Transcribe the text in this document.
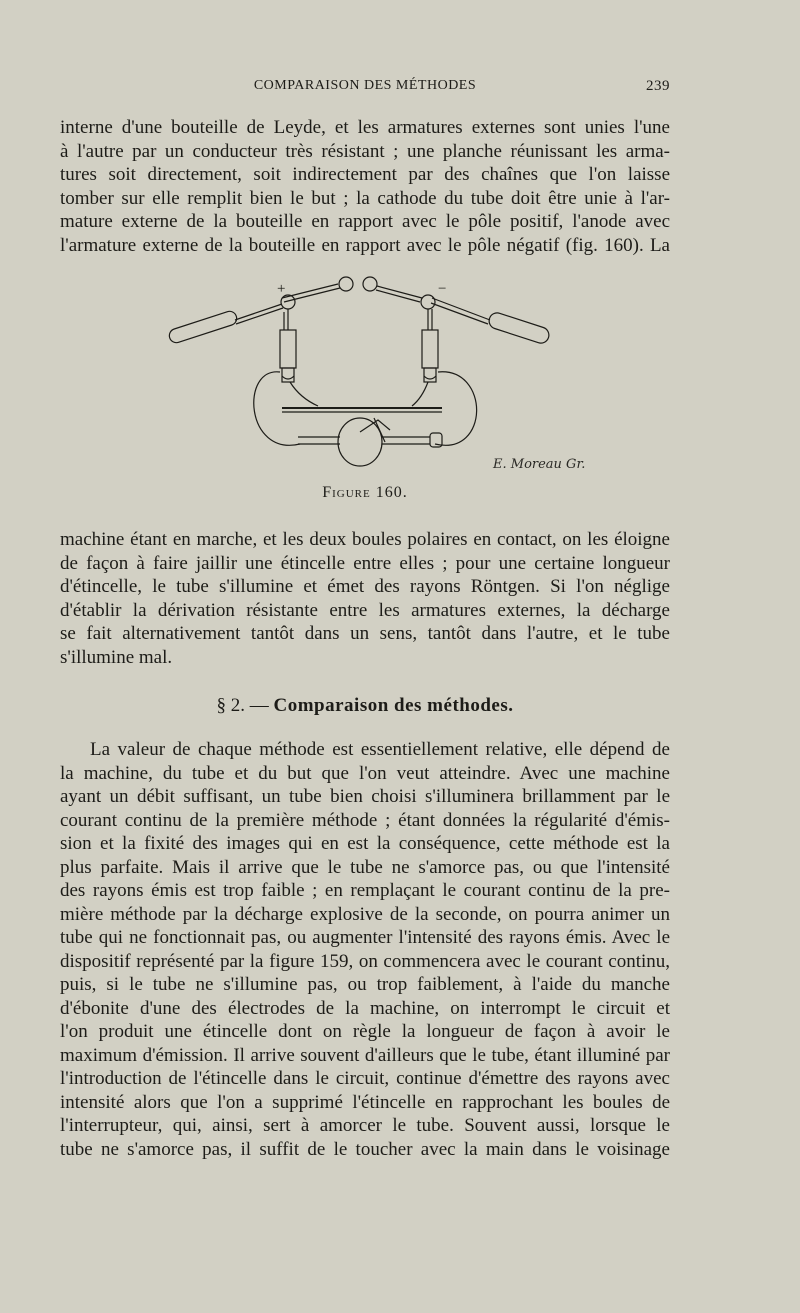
COMPARAISON DES MÉTHODES	239
interne d'une bouteille de Leyde, et les armatures externes sont unies l'une
à l'autre par un conducteur très résistant ; une planche réunissant les arma-
tures soit directement, soit indirectement par des chaînes que l'on laisse
tomber sur elle remplit bien le but ; la cathode du tube doit être unie à l'ar-
mature externe de la bouteille en rapport avec le pôle positif, l'anode avec
l'armature externe de la bouteille en rapport avec le pôle négatif (fig. 160). La
+	−
E. Moreau Gr.
Figure 160.
machine étant en marche, et les deux boules polaires en contact, on les éloigne
de façon à faire jaillir une étincelle entre elles ; pour une certaine longueur
d'étincelle, le tube s'illumine et émet des rayons Röntgen. Si l'on néglige
d'établir la dérivation résistante entre les armatures externes, la décharge
se fait alternativement tantôt dans un sens, tantôt dans l'autre, et le tube
s'illumine mal.
§ 2. — Comparaison des méthodes.
La valeur de chaque méthode est essentiellement relative, elle dépend de
la machine, du tube et du but que l'on veut atteindre. Avec une machine
ayant un débit suffisant, un tube bien choisi s'illuminera brillamment par le
courant continu de la première méthode ; étant données la régularité d'émis-
sion et la fixité des images qui en est la conséquence, cette méthode est la
plus parfaite. Mais il arrive que le tube ne s'amorce pas, ou que l'intensité
des rayons émis est trop faible ; en remplaçant le courant continu de la pre-
mière méthode par la décharge explosive de la seconde, on pourra animer un
tube qui ne fonctionnait pas, ou augmenter l'intensité des rayons émis. Avec le
dispositif représenté par la figure 159, on commencera avec le courant continu,
puis, si le tube ne s'illumine pas, ou trop faiblement, à l'aide du manche
d'ébonite d'une des électrodes de la machine, on interrompt le circuit et
l'on produit une étincelle dont on règle la longueur de façon à avoir le
maximum d'émission. Il arrive souvent d'ailleurs que le tube, étant illuminé par
l'introduction de l'étincelle dans le circuit, continue d'émettre des rayons avec
intensité alors que l'on a supprimé l'étincelle en rapprochant les boules de
l'interrupteur, qui, ainsi, sert à amorcer le tube. Souvent aussi, lorsque le
tube ne s'amorce pas, il suffit de le toucher avec la main dans le voisinage
